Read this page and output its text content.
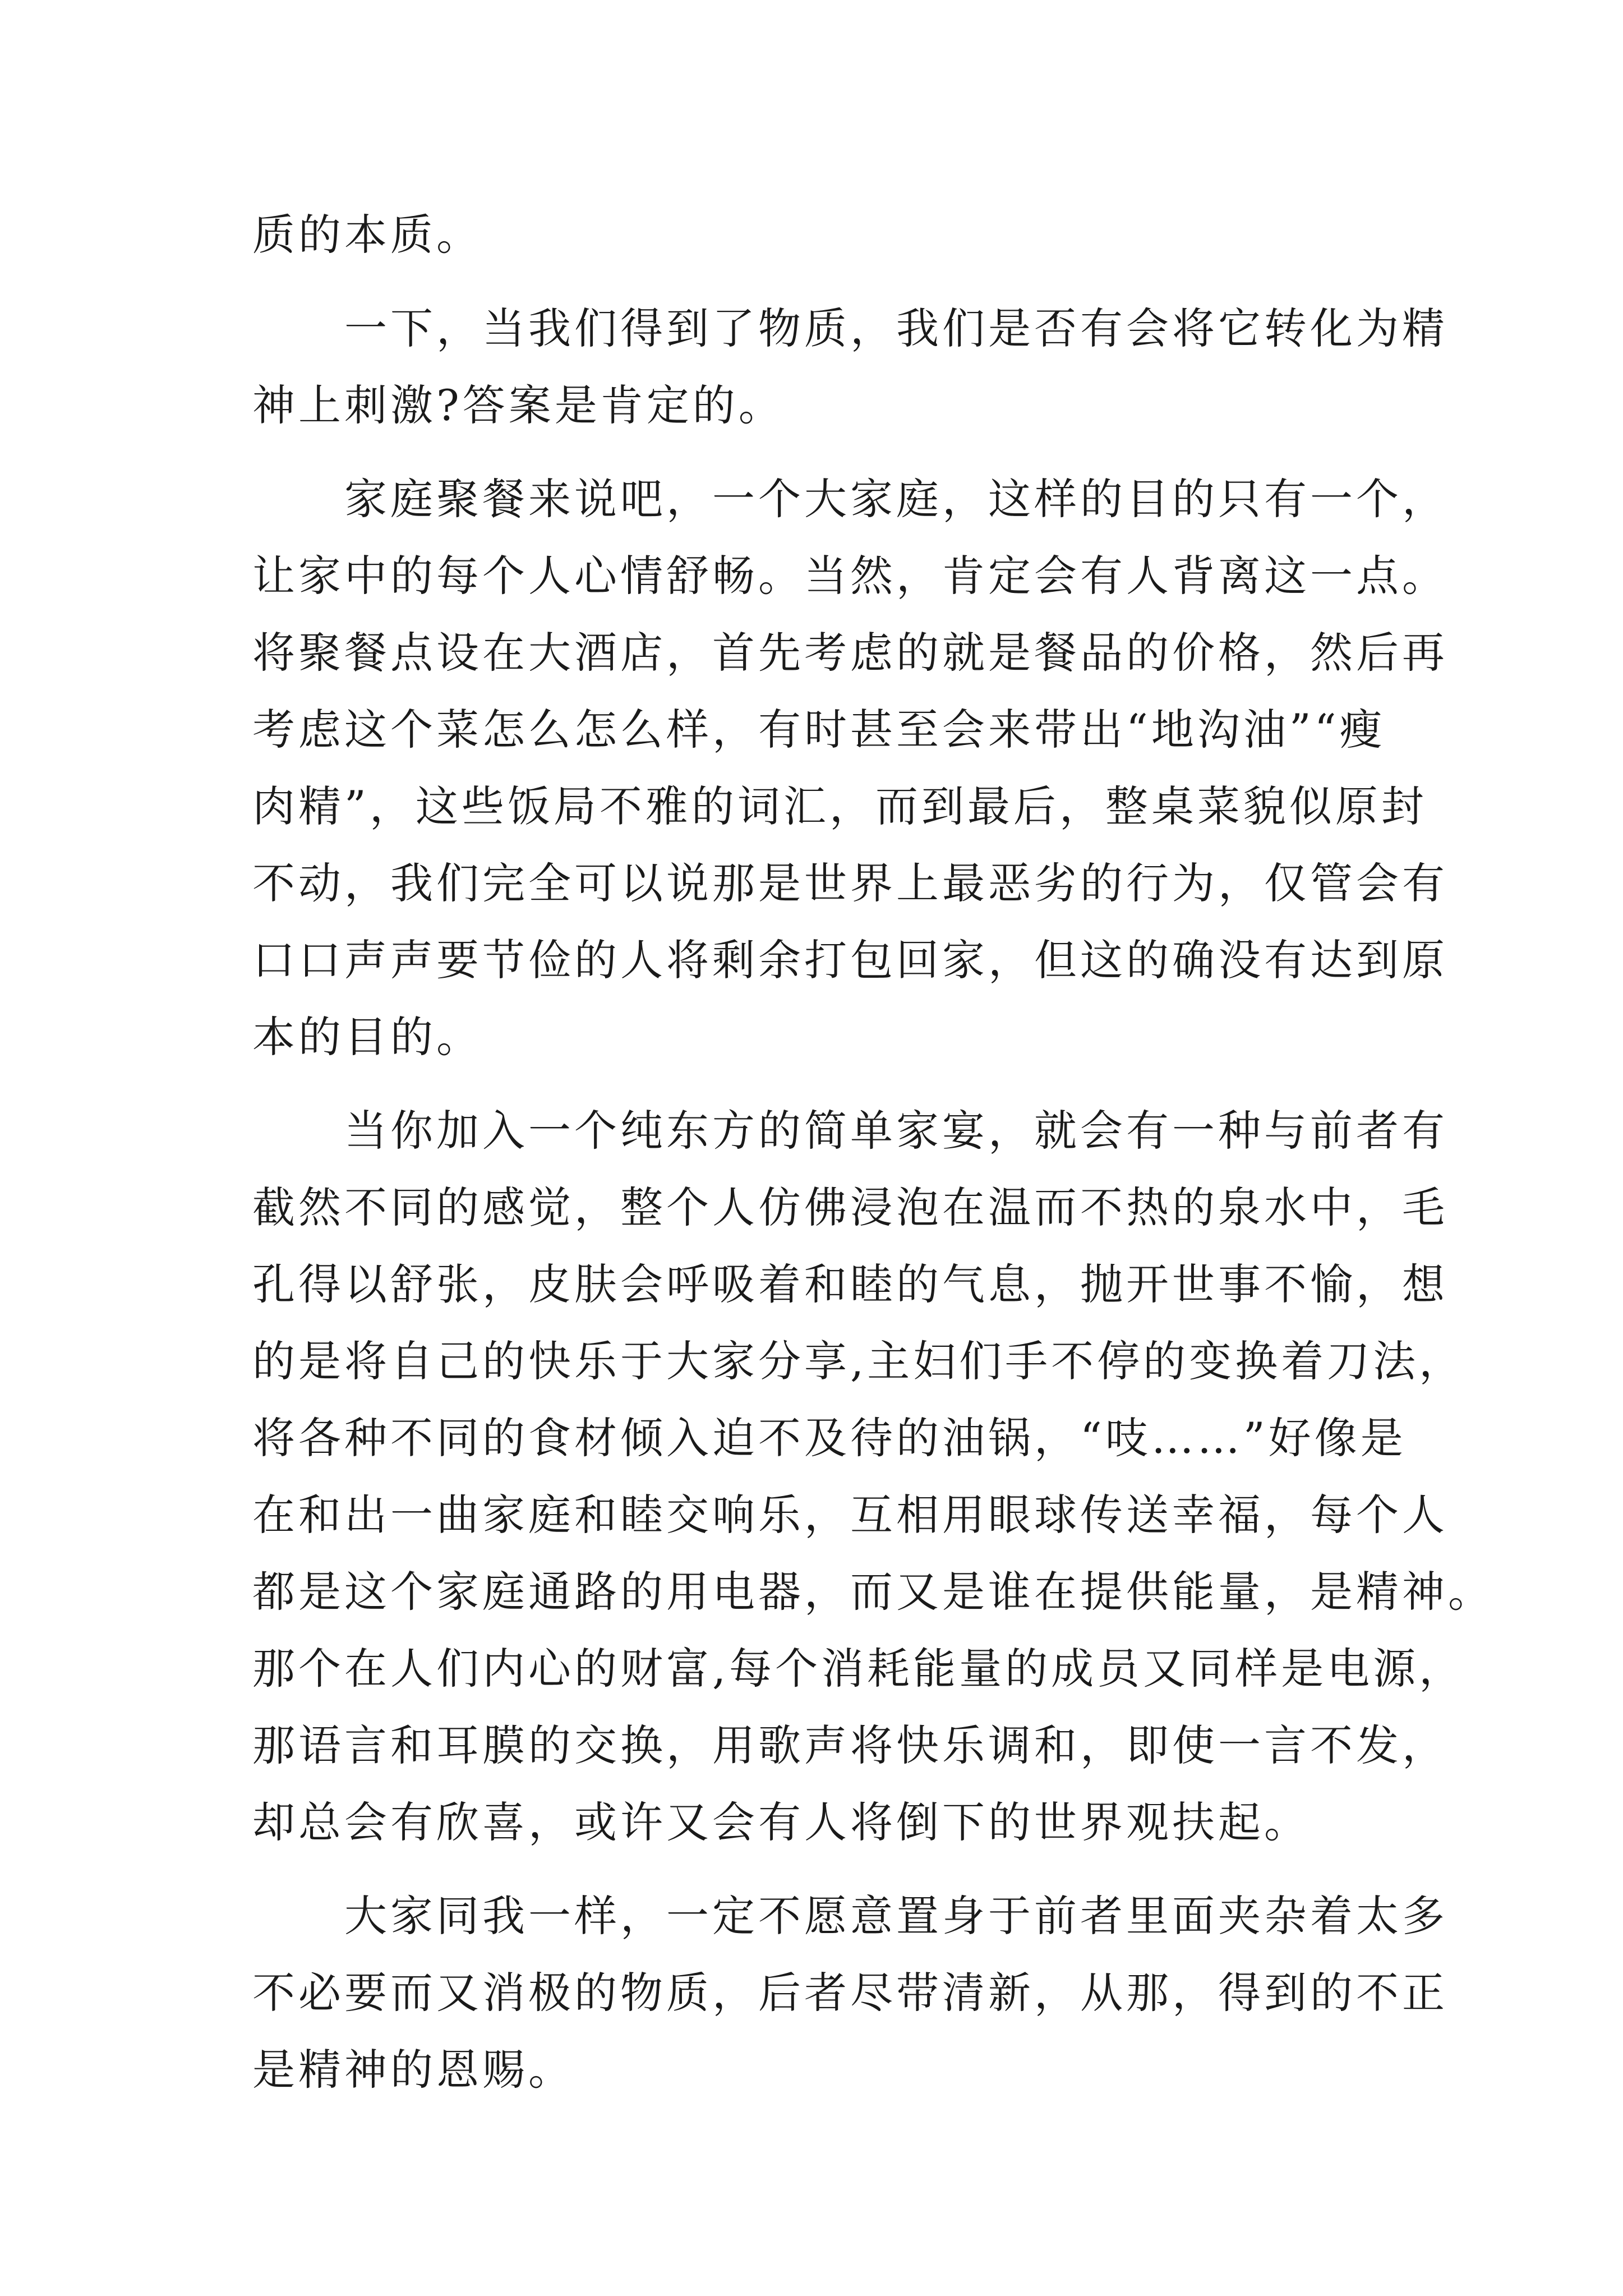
质的本质。
　　一下，当我们得到了物质，我们是否有会将它转化为精
神上刺激?答案是肯定的。
　　家庭聚餐来说吧，一个大家庭，这样的目的只有一个，
让家中的每个人心情舒畅。当然，肯定会有人背离这一点。
将聚餐点设在大酒店，首先考虑的就是餐品的价格，然后再
考虑这个菜怎么怎么样，有时甚至会来带出“地沟油”“瘦
肉精”，这些饭局不雅的词汇，而到最后，整桌菜貌似原封
不动，我们完全可以说那是世界上最恶劣的行为，仅管会有
口口声声要节俭的人将剩余打包回家，但这的确没有达到原
本的目的。
　　当你加入一个纯东方的简单家宴，就会有一种与前者有
截然不同的感觉，整个人仿佛浸泡在温而不热的泉水中，毛
孔得以舒张，皮肤会呼吸着和睦的气息，抛开世事不愉，想
的是将自己的快乐于大家分享,主妇们手不停的变换着刀法，
将各种不同的食材倾入迫不及待的油锅，“吱……”好像是
在和出一曲家庭和睦交响乐，互相用眼球传送幸福，每个人
都是这个家庭通路的用电器，而又是谁在提供能量，是精神。
那个在人们内心的财富,每个消耗能量的成员又同样是电源，
那语言和耳膜的交换，用歌声将快乐调和，即使一言不发，
却总会有欣喜，或许又会有人将倒下的世界观扶起。
　　大家同我一样，一定不愿意置身于前者里面夹杂着太多
不必要而又消极的物质，后者尽带清新，从那，得到的不正
是精神的恩赐。
